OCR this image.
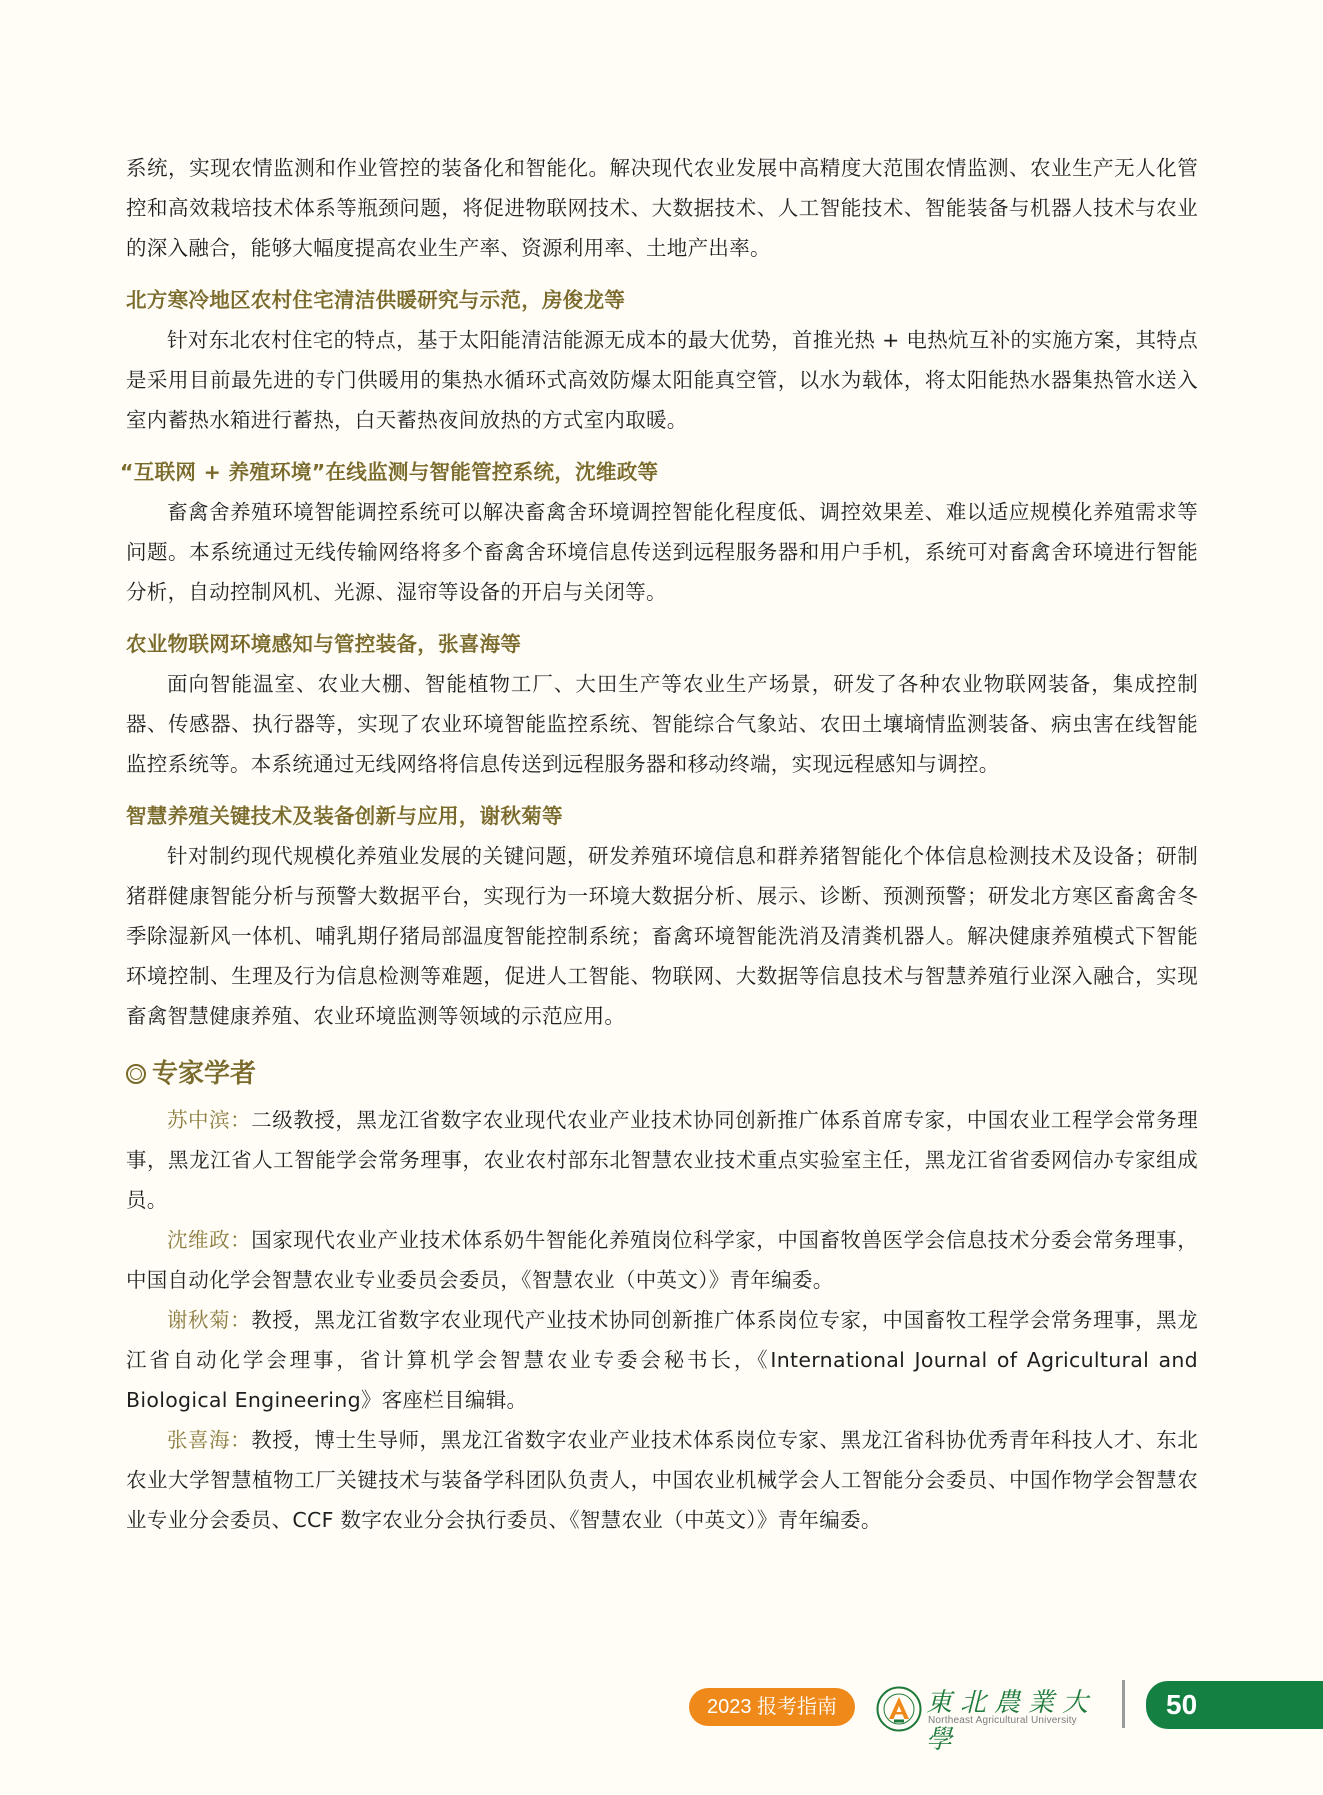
系统，实现农情监测和作业管控的装备化和智能化。解决现代农业发展中高精度大范围农情监测、农业生产无人化管控和高效栽培技术体系等瓶颈问题，将促进物联网技术、大数据技术、人工智能技术、智能装备与机器人技术与农业的深入融合，能够大幅度提高农业生产率、资源利用率、土地产出率。

北方寒冷地区农村住宅清洁供暖研究与示范，房俊龙等

针对东北农村住宅的特点，基于太阳能清洁能源无成本的最大优势，首推光热 + 电热炕互补的实施方案，其特点是采用目前最先进的专门供暖用的集热水循环式高效防爆太阳能真空管，以水为载体，将太阳能热水器集热管水送入室内蓄热水箱进行蓄热，白天蓄热夜间放热的方式室内取暖。

“互联网 + 养殖环境”在线监测与智能管控系统，沈维政等

畜禽舍养殖环境智能调控系统可以解决畜禽舍环境调控智能化程度低、调控效果差、难以适应规模化养殖需求等问题。本系统通过无线传输网络将多个畜禽舍环境信息传送到远程服务器和用户手机，系统可对畜禽舍环境进行智能分析，自动控制风机、光源、湿帘等设备的开启与关闭等。

农业物联网环境感知与管控装备，张喜海等

面向智能温室、农业大棚、智能植物工厂、大田生产等农业生产场景，研发了各种农业物联网装备，集成控制器、传感器、执行器等，实现了农业环境智能监控系统、智能综合气象站、农田土壤墒情监测装备、病虫害在线智能监控系统等。本系统通过无线网络将信息传送到远程服务器和移动终端，实现远程感知与调控。

智慧养殖关键技术及装备创新与应用，谢秋菊等

针对制约现代规模化养殖业发展的关键问题，研发养殖环境信息和群养猪智能化个体信息检测技术及设备；研制猪群健康智能分析与预警大数据平台，实现行为一环境大数据分析、展示、诊断、预测预警；研发北方寒区畜禽舍冬季除湿新风一体机、哺乳期仔猪局部温度智能控制系统；畜禽环境智能洗消及清粪机器人。解决健康养殖模式下智能环境控制、生理及行为信息检测等难题，促进人工智能、物联网、大数据等信息技术与智慧养殖行业深入融合，实现畜禽智慧健康养殖、农业环境监测等领域的示范应用。

专家学者

苏中滨：二级教授，黑龙江省数字农业现代农业产业技术协同创新推广体系首席专家，中国农业工程学会常务理事，黑龙江省人工智能学会常务理事，农业农村部东北智慧农业技术重点实验室主任，黑龙江省省委网信办专家组成员。

沈维政：国家现代农业产业技术体系奶牛智能化养殖岗位科学家，中国畜牧兽医学会信息技术分委会常务理事，中国自动化学会智慧农业专业委员会委员，《智慧农业（中英文）》青年编委。

谢秋菊：教授，黑龙江省数字农业现代产业技术协同创新推广体系岗位专家，中国畜牧工程学会常务理事，黑龙江省自动化学会理事，省计算机学会智慧农业专委会秘书长，《International Journal of Agricultural and Biological Engineering》客座栏目编辑。

张喜海：教授，博士生导师，黑龙江省数字农业产业技术体系岗位专家、黑龙江省科协优秀青年科技人才、东北农业大学智慧植物工厂关键技术与装备学科团队负责人，中国农业机械学会人工智能分会委员、中国作物学会智慧农业专业分会委员、CCF 数字农业分会执行委员、《智慧农业（中英文）》青年编委。

2023 报考指南	東北農業大學
Northeast Agricultural University
50
